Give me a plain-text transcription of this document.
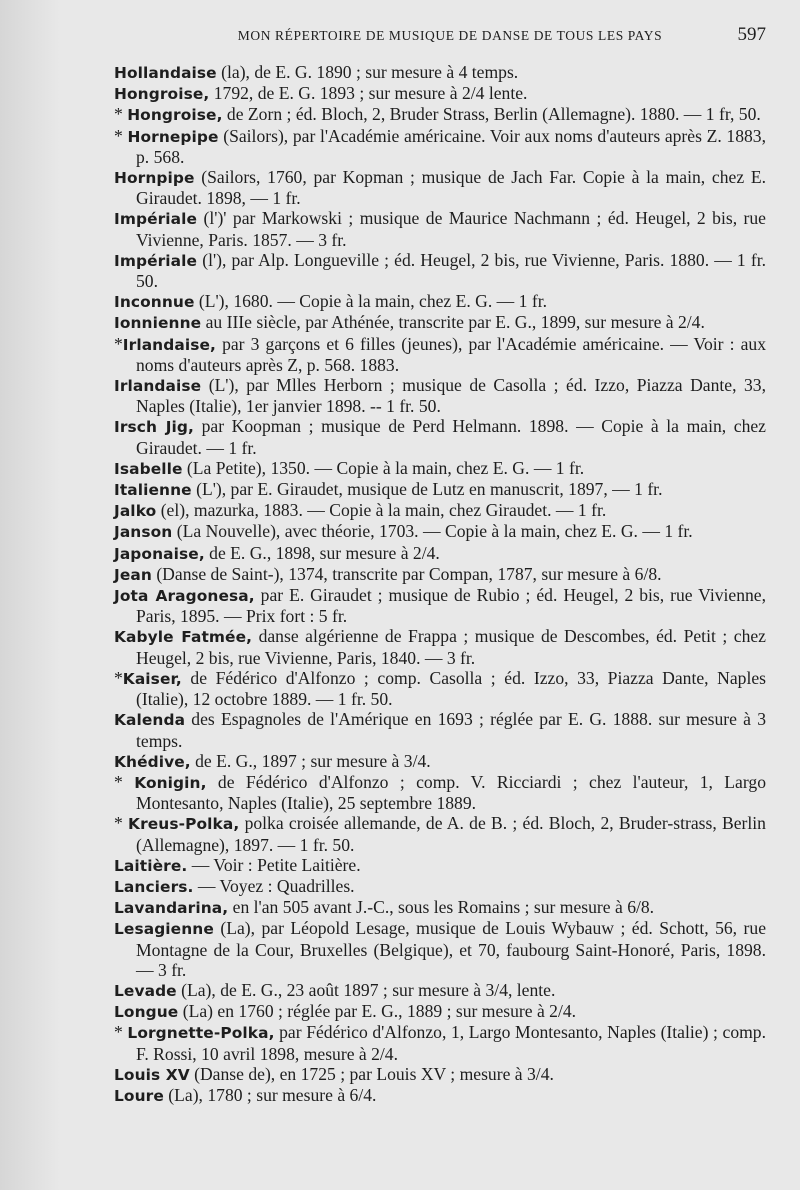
MON RÉPERTOIRE DE MUSIQUE DE DANSE DE TOUS LES PAYS	597

Hollandaise (la), de E. G. 1890 ; sur mesure à 4 temps.

Hongroise, 1792, de E. G. 1893 ; sur mesure à 2/4 lente.

* Hongroise, de Zorn ; éd. Bloch, 2, Bruder Strass, Berlin (Allemagne). 1880. — 1 fr, 50.

* Hornepipe (Sailors), par l'Académie américaine. Voir aux noms d'auteurs après Z. 1883, p. 568.

Hornpipe (Sailors, 1760, par Kopman ; musique de Jach Far. Copie à la main, chez E. Giraudet. 1898, — 1 fr.

Impériale (l')' par Markowski ; musique de Maurice Nachmann ; éd. Heugel, 2 bis, rue Vivienne, Paris. 1857. — 3 fr.

Impériale (l'), par Alp. Longueville ; éd. Heugel, 2 bis, rue Vivienne, Paris. 1880. — 1 fr. 50.

Inconnue (L'), 1680. — Copie à la main, chez E. G. — 1 fr.

Ionnienne au IIIe siècle, par Athénée, transcrite par E. G., 1899, sur mesure à 2/4.

*Irlandaise, par 3 garçons et 6 filles (jeunes), par l'Académie américaine. — Voir : aux noms d'auteurs après Z, p. 568. 1883.

Irlandaise (L'), par Mlles Herborn ; musique de Casolla ; éd. Izzo, Piazza Dante, 33, Naples (Italie), 1er janvier 1898. -- 1 fr. 50.

Irsch Jig, par Koopman ; musique de Perd Helmann. 1898. — Copie à la main, chez Giraudet. — 1 fr.

Isabelle (La Petite), 1350. — Copie à la main, chez E. G. — 1 fr.

Italienne (L'), par E. Giraudet, musique de Lutz en manuscrit, 1897, — 1 fr.

Jalko (el), mazurka, 1883. — Copie à la main, chez Giraudet. — 1 fr.

Janson (La Nouvelle), avec théorie, 1703. — Copie à la main, chez E. G. — 1 fr.

Japonaise, de E. G., 1898, sur mesure à 2/4.

Jean (Danse de Saint-), 1374, transcrite par Compan, 1787, sur mesure à 6/8.

Jota Aragonesa, par E. Giraudet ; musique de Rubio ; éd. Heugel, 2 bis, rue Vivienne, Paris, 1895. — Prix fort : 5 fr.

Kabyle Fatmée, danse algérienne de Frappa ; musique de Descombes, éd. Petit ; chez Heugel, 2 bis, rue Vivienne, Paris, 1840. — 3 fr.

*Kaiser, de Fédérico d'Alfonzo ; comp. Casolla ; éd. Izzo, 33, Piazza Dante, Naples (Italie), 12 octobre 1889. — 1 fr. 50.

Kalenda des Espagnoles de l'Amérique en 1693 ; réglée par E. G. 1888. sur mesure à 3 temps.

Khédive, de E. G., 1897 ; sur mesure à 3/4.

* Konigin, de Fédérico d'Alfonzo ; comp. V. Ricciardi ; chez l'auteur, 1, Largo Montesanto, Naples (Italie), 25 septembre 1889.

* Kreus-Polka, polka croisée allemande, de A. de B. ; éd. Bloch, 2, Bruder-strass, Berlin (Allemagne), 1897. — 1 fr. 50.

Laitière. — Voir : Petite Laitière.

Lanciers. — Voyez : Quadrilles.

Lavandarina, en l'an 505 avant J.-C., sous les Romains ; sur mesure à 6/8.

Lesagienne (La), par Léopold Lesage, musique de Louis Wybauw ; éd. Schott, 56, rue Montagne de la Cour, Bruxelles (Belgique), et 70, faubourg Saint-Honoré, Paris, 1898. — 3 fr.

Levade (La), de E. G., 23 août 1897 ; sur mesure à 3/4, lente.

Longue (La) en 1760 ; réglée par E. G., 1889 ; sur mesure à 2/4.

* Lorgnette-Polka, par Fédérico d'Alfonzo, 1, Largo Montesanto, Naples (Italie) ; comp. F. Rossi, 10 avril 1898, mesure à 2/4.

Louis XV (Danse de), en 1725 ; par Louis XV ; mesure à 3/4.

Loure (La), 1780 ; sur mesure à 6/4.
